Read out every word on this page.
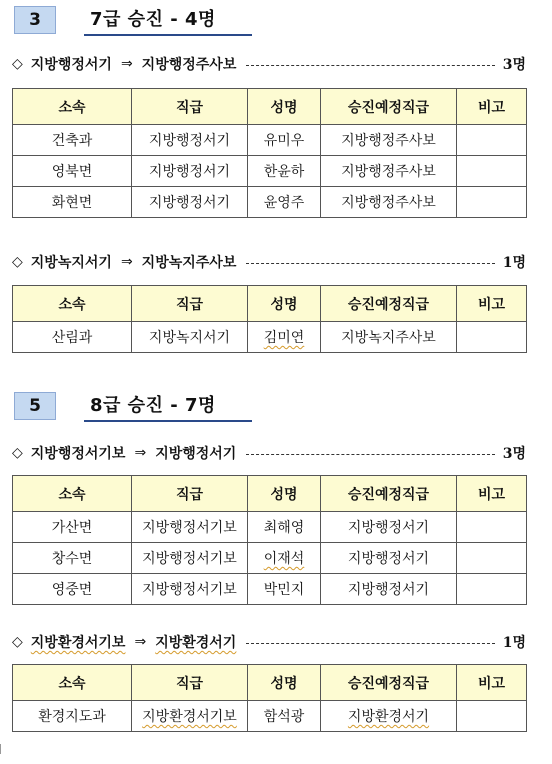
3	7급 승진 - 4명
◇ 지방행정서기 ⇒ 지방행정주사보	3명
소속	직급	성명	승진예정직급	비고
건축과	지방행정서기	유미우	지방행정주사보	
영북면	지방행정서기	한윤하	지방행정주사보	
화현면	지방행정서기	윤영주	지방행정주사보	
◇ 지방녹지서기 ⇒ 지방녹지주사보	1명
소속	직급	성명	승진예정직급	비고
산림과	지방녹지서기	김미연	지방녹지주사보	
5	8급 승진 - 7명
◇ 지방행정서기보 ⇒ 지방행정서기	3명
소속	직급	성명	승진예정직급	비고
가산면	지방행정서기보	최해영	지방행정서기	
창수면	지방행정서기보	이재석	지방행정서기	
영중면	지방행정서기보	박민지	지방행정서기	
◇ 지방환경서기보 ⇒ 지방환경서기	1명
소속	직급	성명	승진예정직급	비고
환경지도과	지방환경서기보	함석광	지방환경서기	
